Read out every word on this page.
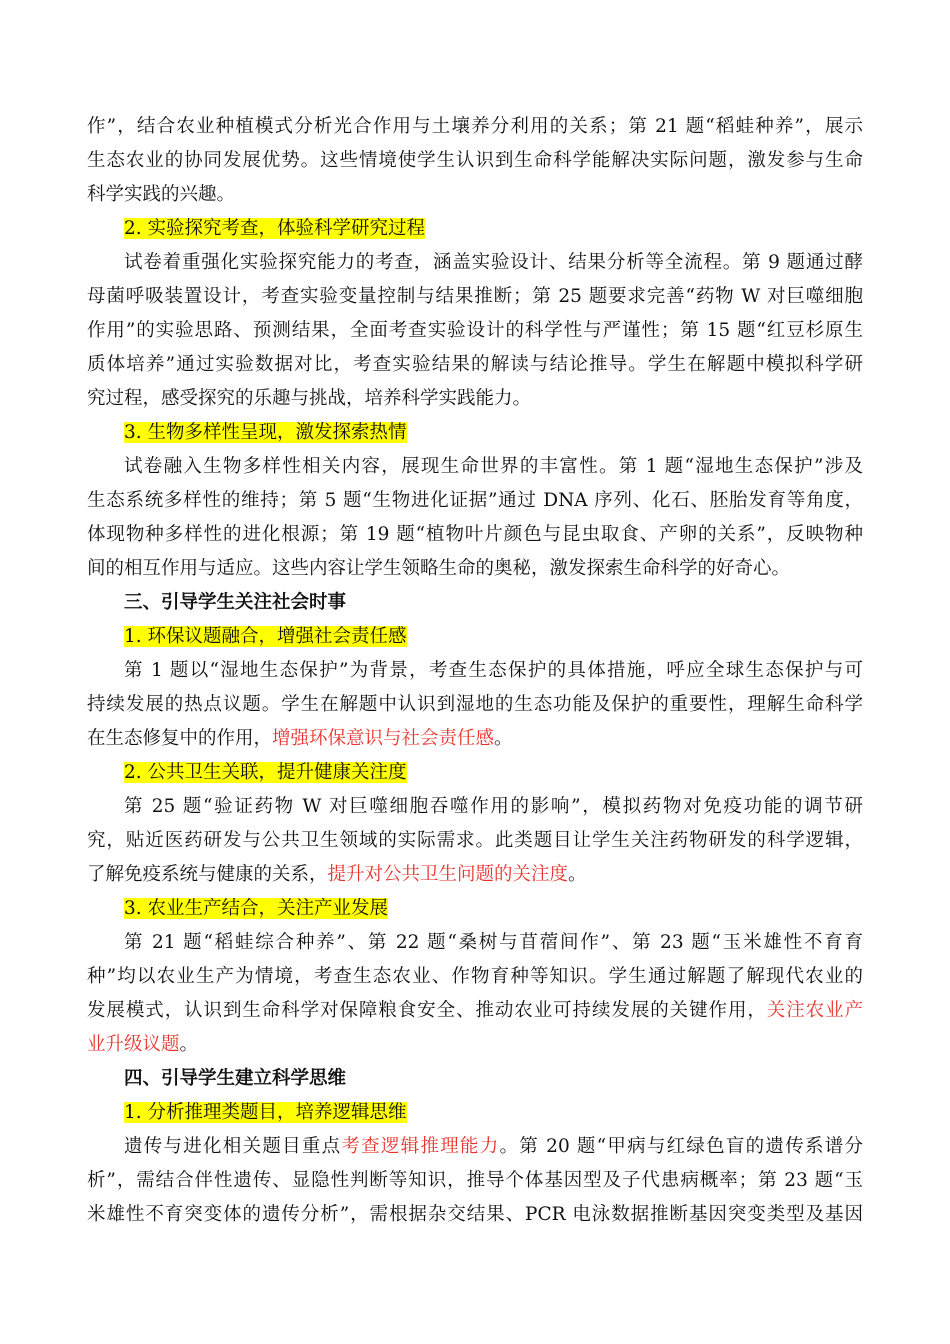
作”，结合农业种植模式分析光合作用与土壤养分利用的关系；第 21 题“稻蛙种养”，展示
生态农业的协同发展优势。这些情境使学生认识到生命科学能解决实际问题，激发参与生命
科学实践的兴趣。
2. 实验探究考查，体验科学研究过程
试卷着重强化实验探究能力的考查，涵盖实验设计、结果分析等全流程。第 9 题通过酵
母菌呼吸装置设计，考查实验变量控制与结果推断；第 25 题要求完善“药物 W 对巨噬细胞
作用”的实验思路、预测结果，全面考查实验设计的科学性与严谨性；第 15 题“红豆杉原生
质体培养”通过实验数据对比，考查实验结果的解读与结论推导。学生在解题中模拟科学研
究过程，感受探究的乐趣与挑战，培养科学实践能力。
3. 生物多样性呈现，激发探索热情
试卷融入生物多样性相关内容，展现生命世界的丰富性。第 1 题“湿地生态保护”涉及
生态系统多样性的维持；第 5 题“生物进化证据”通过 DNA 序列、化石、胚胎发育等角度，
体现物种多样性的进化根源；第 19 题“植物叶片颜色与昆虫取食、产卵的关系”，反映物种
间的相互作用与适应。这些内容让学生领略生命的奥秘，激发探索生命科学的好奇心。
三、引导学生关注社会时事
1. 环保议题融合，增强社会责任感
第 1 题以“湿地生态保护”为背景，考查生态保护的具体措施，呼应全球生态保护与可
持续发展的热点议题。学生在解题中认识到湿地的生态功能及保护的重要性，理解生命科学
在生态修复中的作用，增强环保意识与社会责任感。
2. 公共卫生关联，提升健康关注度
第 25 题“验证药物 W 对巨噬细胞吞噬作用的影响”，模拟药物对免疫功能的调节研
究，贴近医药研发与公共卫生领域的实际需求。此类题目让学生关注药物研发的科学逻辑，
了解免疫系统与健康的关系，提升对公共卫生问题的关注度。
3. 农业生产结合，关注产业发展
第 21 题“稻蛙综合种养”、第 22 题“桑树与苜蓿间作”、第 23 题“玉米雄性不育育
种”均以农业生产为情境，考查生态农业、作物育种等知识。学生通过解题了解现代农业的
发展模式，认识到生命科学对保障粮食安全、推动农业可持续发展的关键作用，关注农业产
业升级议题。
四、引导学生建立科学思维
1. 分析推理类题目，培养逻辑思维
遗传与进化相关题目重点考查逻辑推理能力。第 20 题“甲病与红绿色盲的遗传系谱分
析”，需结合伴性遗传、显隐性判断等知识，推导个体基因型及子代患病概率；第 23 题“玉
米雄性不育突变体的遗传分析”，需根据杂交结果、PCR 电泳数据推断基因突变类型及基因
